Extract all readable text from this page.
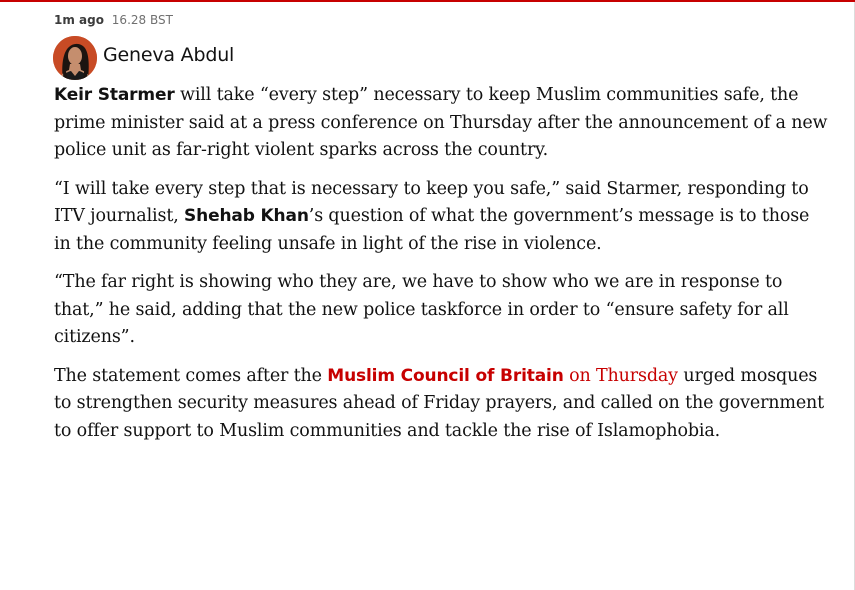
1m ago 16.28 BST
Geneva Abdul

Keir Starmer will take “every step” necessary to keep Muslim communities safe, the prime minister said at a press conference on Thursday after the announcement of a new police unit as far-right violent sparks across the country.

“I will take every step that is necessary to keep you safe,” said Starmer, responding to ITV journalist, Shehab Khan’s question of what the government’s message is to those in the community feeling unsafe in light of the rise in violence.

“The far right is showing who they are, we have to show who we are in response to that,” he said, adding that the new police taskforce in order to “ensure safety for all citizens”.

The statement comes after the Muslim Council of Britain on Thursday urged mosques to strengthen security measures ahead of Friday prayers, and called on the government to offer support to Muslim communities and tackle the rise of Islamophobia.
